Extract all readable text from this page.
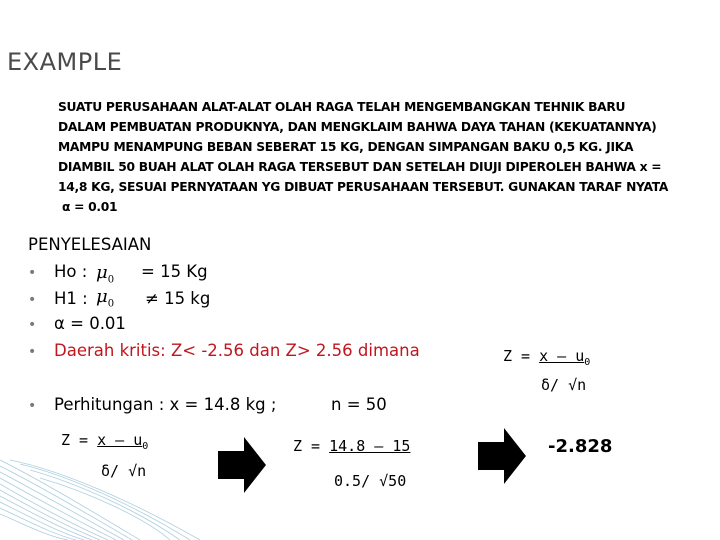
EXAMPLE
SUATU PERUSAHAAN ALAT-ALAT OLAH RAGA TELAH MENGEMBANGKAN TEHNIK BARU
DALAM PEMBUATAN PRODUKNYA, DAN MENGKLAIM BAHWA DAYA TAHAN (KEKUATANNYA)
MAMPU MENAMPUNG BEBAN SEBERAT 15 KG, DENGAN SIMPANGAN BAKU 0,5 KG. JIKA
DIAMBIL 50 BUAH ALAT OLAH RAGA TERSEBUT DAN SETELAH DIUJI DIPEROLEH BAHWA x =
14,8 KG, SESUAI PERNYATAAN YG DIBUAT PERUSAHAAN TERSEBUT. GUNAKAN TARAF NYATA
α = 0.01
PENYELESAIAN
• Ho : $\mu_0 = 15$ Kg
• H1 : $\mu_0 \ne 15$ kg
• α = 0.01
• Daerah kritis: Z< -2.56 dan Z> 2.56 dimana
• Perhitungan : x = 14.8 kg ;	n = 50
$Z = x - u_0$
δ/ √n
$Z = x - u_0$
δ/ √n
Z = 14.8 – 15
0.5/ √50
-2.828
